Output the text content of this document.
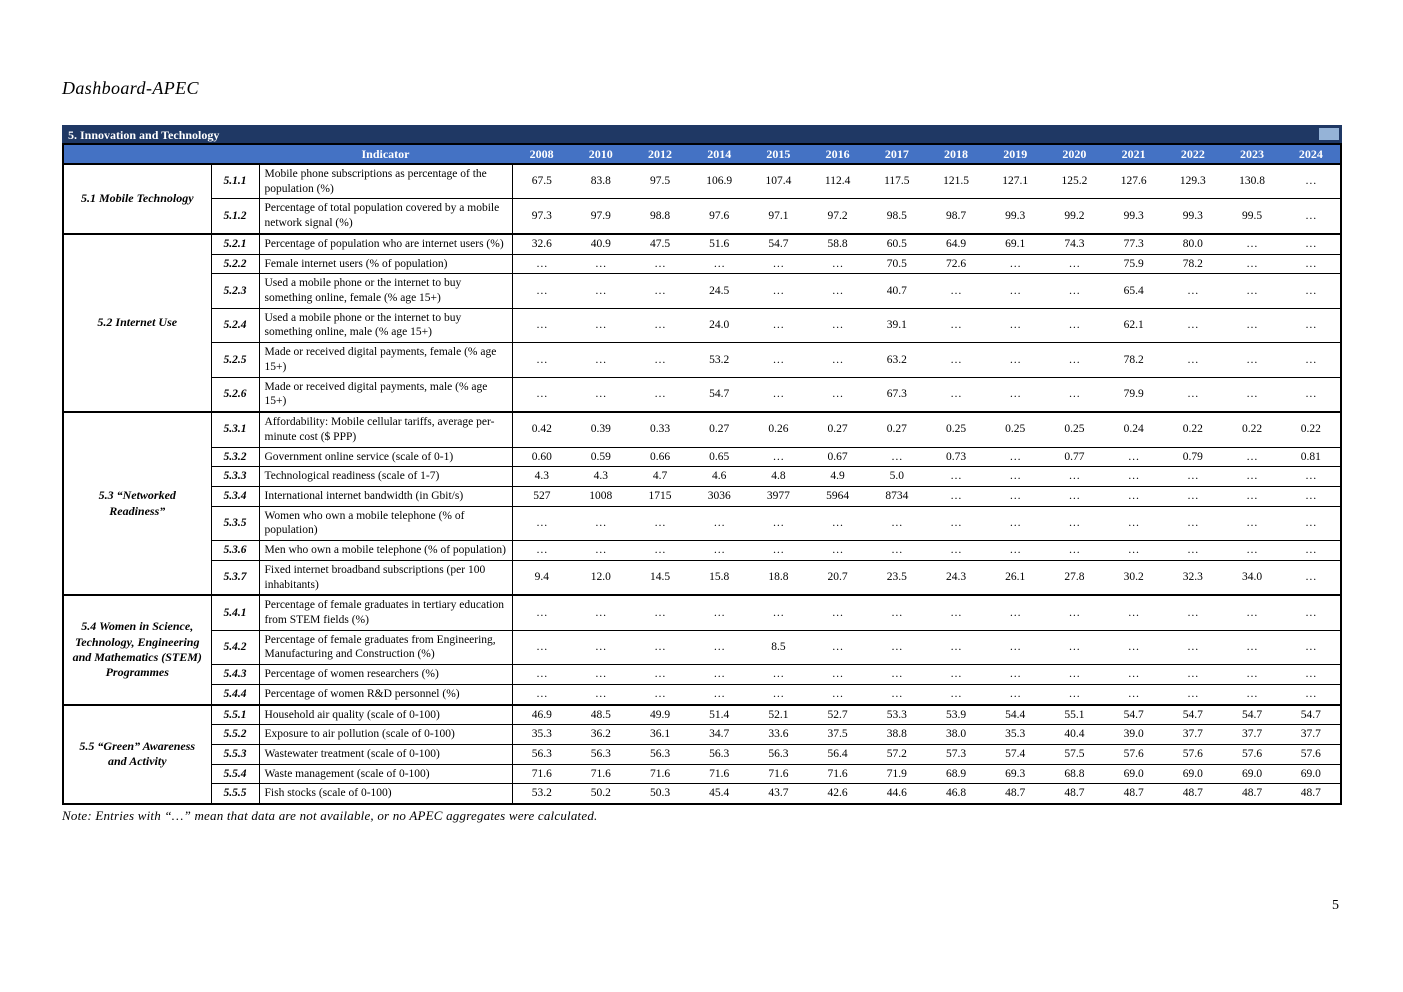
Dashboard-APEC
5. Innovation and Technology
		Indicator	2008	2010	2012	2014	2015	2016	2017	2018	2019	2020	2021	2022	2023	2024
5.1 Mobile Technology	5.1.1	Mobile phone subscriptions as percentage of the population (%)	67.5	83.8	97.5	106.9	107.4	112.4	117.5	121.5	127.1	125.2	127.6	129.3	130.8	…
	5.1.2	Percentage of total population covered by a mobile network signal (%)	97.3	97.9	98.8	97.6	97.1	97.2	98.5	98.7	99.3	99.2	99.3	99.3	99.5	…
5.2 Internet Use	5.2.1	Percentage of population who are internet users (%)	32.6	40.9	47.5	51.6	54.7	58.8	60.5	64.9	69.1	74.3	77.3	80.0	…	…
	5.2.2	Female internet users (% of population)	…	…	…	…	…	…	70.5	72.6	…	…	75.9	78.2	…	…
	5.2.3	Used a mobile phone or the internet to buy something online, female (% age 15+)	…	…	…	24.5	…	…	40.7	…	…	…	65.4	…	…	…
	5.2.4	Used a mobile phone or the internet to buy something online, male (% age 15+)	…	…	…	24.0	…	…	39.1	…	…	…	62.1	…	…	…
	5.2.5	Made or received digital payments, female (% age 15+)	…	…	…	53.2	…	…	63.2	…	…	…	78.2	…	…	…
	5.2.6	Made or received digital payments, male (% age 15+)	…	…	…	54.7	…	…	67.3	…	…	…	79.9	…	…	…
5.3 “Networked Readiness”	5.3.1	Affordability: Mobile cellular tariffs, average per-minute cost ($ PPP)	0.42	0.39	0.33	0.27	0.26	0.27	0.27	0.25	0.25	0.25	0.24	0.22	0.22	0.22
	5.3.2	Government online service (scale of 0-1)	0.60	0.59	0.66	0.65	…	0.67	…	0.73	…	0.77	…	0.79	…	0.81
	5.3.3	Technological readiness (scale of 1-7)	4.3	4.3	4.7	4.6	4.8	4.9	5.0	…	…	…	…	…	…	…
	5.3.4	International internet bandwidth (in Gbit/s)	527	1008	1715	3036	3977	5964	8734	…	…	…	…	…	…	…
	5.3.5	Women who own a mobile telephone (% of population)	…	…	…	…	…	…	…	…	…	…	…	…	…	…
	5.3.6	Men who own a mobile telephone (% of population)	…	…	…	…	…	…	…	…	…	…	…	…	…	…
	5.3.7	Fixed internet broadband subscriptions (per 100 inhabitants)	9.4	12.0	14.5	15.8	18.8	20.7	23.5	24.3	26.1	27.8	30.2	32.3	34.0	…
5.4 Women in Science, Technology, Engineering and Mathematics (STEM) Programmes	5.4.1	Percentage of female graduates in tertiary education from STEM fields (%)	…	…	…	…	…	…	…	…	…	…	…	…	…	…
	5.4.2	Percentage of female graduates from Engineering, Manufacturing and Construction (%)	…	…	…	…	8.5	…	…	…	…	…	…	…	…	…
	5.4.3	Percentage of women researchers (%)	…	…	…	…	…	…	…	…	…	…	…	…	…	…
	5.4.4	Percentage of women R&D personnel (%)	…	…	…	…	…	…	…	…	…	…	…	…	…	…
5.5 “Green” Awareness and Activity	5.5.1	Household air quality (scale of 0-100)	46.9	48.5	49.9	51.4	52.1	52.7	53.3	53.9	54.4	55.1	54.7	54.7	54.7	54.7
	5.5.2	Exposure to air pollution (scale of 0-100)	35.3	36.2	36.1	34.7	33.6	37.5	38.8	38.0	35.3	40.4	39.0	37.7	37.7	37.7
	5.5.3	Wastewater treatment (scale of 0-100)	56.3	56.3	56.3	56.3	56.3	56.4	57.2	57.3	57.4	57.5	57.6	57.6	57.6	57.6
	5.5.4	Waste management (scale of 0-100)	71.6	71.6	71.6	71.6	71.6	71.6	71.9	68.9	69.3	68.8	69.0	69.0	69.0	69.0
	5.5.5	Fish stocks (scale of 0-100)	53.2	50.2	50.3	45.4	43.7	42.6	44.6	46.8	48.7	48.7	48.7	48.7	48.7	48.7
Note: Entries with “…” mean that data are not available, or no APEC aggregates were calculated.
5
